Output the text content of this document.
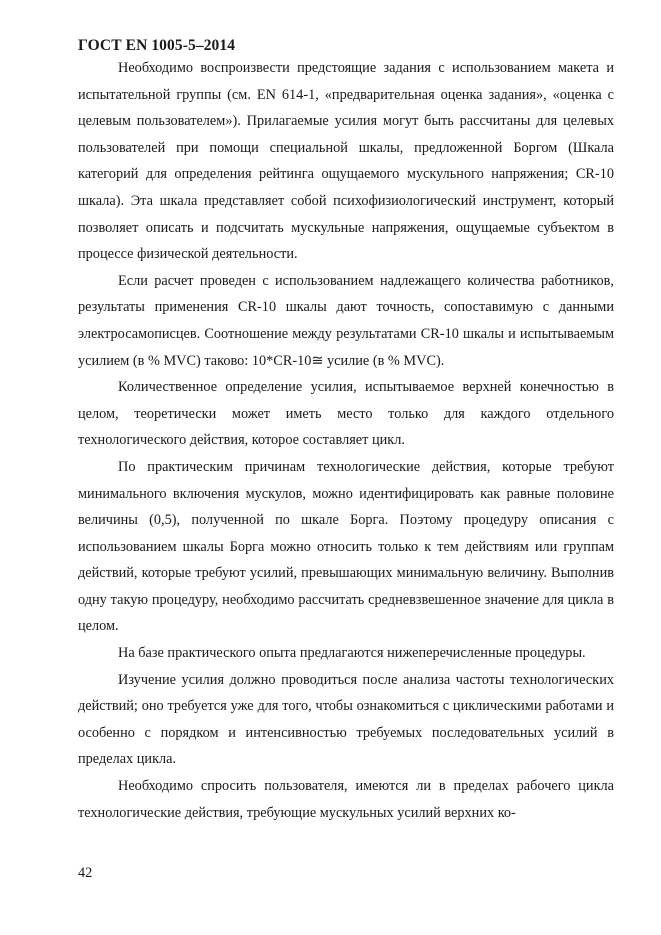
ГОСТ EN 1005-5–2014

Необходимо воспроизвести предстоящие задания с использованием макета и испытательной группы (см. EN 614-1, «предварительная оценка задания», «оценка с целевым пользователем»). Прилагаемые усилия могут быть рассчитаны для целевых пользователей при помощи специальной шкалы, предложенной Боргом (Шкала категорий для определения рейтинга ощущаемого мускульного напряжения; CR-10 шкала). Эта шкала представляет собой психофизиологический инструмент, который позволяет описать и подсчитать мускульные напряжения, ощущаемые субъектом в процессе физической деятельности.

Если расчет проведен с использованием надлежащего количества работников, результаты применения CR-10 шкалы дают точность, сопоставимую с данными электросамописцев. Соотношение между результатами CR-10 шкалы и испытываемым усилием (в % MVC) таково: 10*CR-10≅ усилие (в % MVC).

Количественное определение усилия, испытываемое верхней конечностью в целом, теоретически может иметь место только для каждого отдельного технологического действия, которое составляет цикл.

По практическим причинам технологические действия, которые требуют минимального включения мускулов, можно идентифицировать как равные половине величины (0,5), полученной по шкале Борга. Поэтому процедуру описания с использованием шкалы Борга можно относить только к тем действиям или группам действий, которые требуют усилий, превышающих минимальную величину. Выполнив одну такую процедуру, необходимо рассчитать средневзвешенное значение для цикла в целом.

На базе практического опыта предлагаются нижеперечисленные процедуры.

Изучение усилия должно проводиться после анализа частоты технологических действий; оно требуется уже для того, чтобы ознакомиться с циклическими работами и особенно с порядком и интенсивностью требуемых последовательных усилий в пределах цикла.

Необходимо спросить пользователя, имеются ли в пределах рабочего цикла технологические действия, требующие мускульных усилий верхних ко-

42
